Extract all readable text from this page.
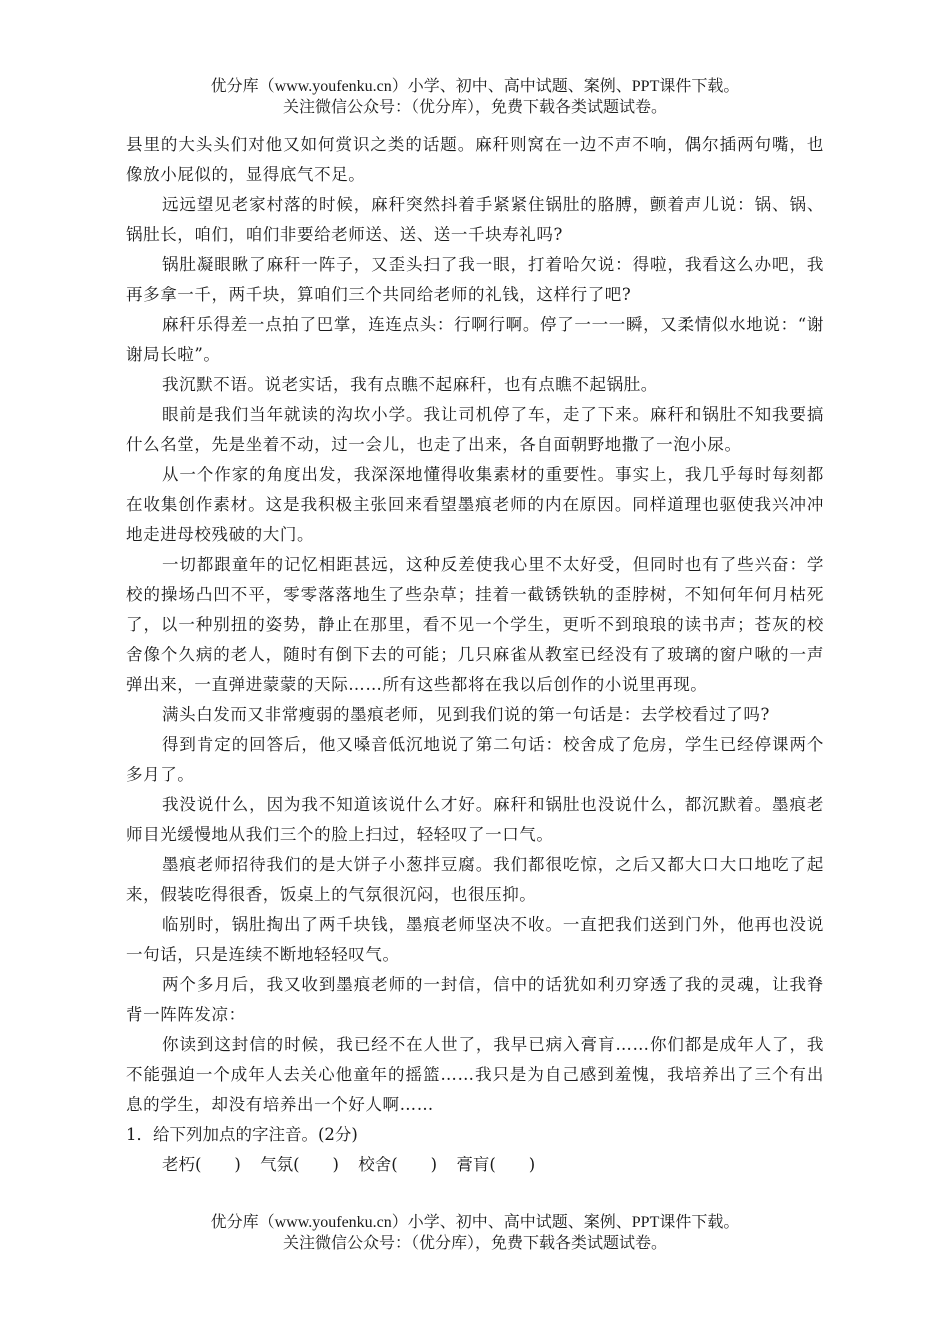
优分库（www.youfenku.cn）小学、初中、高中试题、案例、PPT课件下载。
关注微信公众号：（优分库），免费下载各类试题试卷。

县里的大头头们对他又如何赏识之类的话题。麻秆则窝在一边不声不响，偶尔插两句嘴，也像放小屁似的，显得底气不足。

远远望见老家村落的时候，麻秆突然抖着手紧紧住锅肚的胳膊，颤着声儿说：锅、锅、锅肚长，咱们，咱们非要给老师送、送、送一千块寿礼吗?

锅肚凝眼瞅了麻秆一阵子，又歪头扫了我一眼，打着哈欠说：得啦，我看这么办吧，我再多拿一千，两千块，算咱们三个共同给老师的礼钱，这样行了吧?

麻秆乐得差一点拍了巴掌，连连点头：行啊行啊。停了一一一瞬，又柔情似水地说：“谢谢局长啦”。

我沉默不语。说老实话，我有点瞧不起麻秆，也有点瞧不起锅肚。

眼前是我们当年就读的沟坎小学。我让司机停了车，走了下来。麻秆和锅肚不知我要搞什么名堂，先是坐着不动，过一会儿，也走了出来，各自面朝野地撒了一泡小尿。

从一个作家的角度出发，我深深地懂得收集素材的重要性。事实上，我几乎每时每刻都在收集创作素材。这是我积极主张回来看望墨痕老师的内在原因。同样道理也驱使我兴冲冲地走进母校残破的大门。

一切都跟童年的记忆相距甚远，这种反差使我心里不太好受，但同时也有了些兴奋：学校的操场凸凹不平，零零落落地生了些杂草；挂着一截锈铁轨的歪脖树，不知何年何月枯死了，以一种别扭的姿势，静止在那里，看不见一个学生，更听不到琅琅的读书声；苍灰的校舍像个久病的老人，随时有倒下去的可能；几只麻雀从教室已经没有了玻璃的窗户啾的一声弹出来，一直弹进蒙蒙的天际……所有这些都将在我以后创作的小说里再现。

满头白发而又非常瘦弱的墨痕老师，见到我们说的第一句话是：去学校看过了吗?

得到肯定的回答后，他又嗓音低沉地说了第二句话：校舍成了危房，学生已经停课两个多月了。

我没说什么，因为我不知道该说什么才好。麻秆和锅肚也没说什么，都沉默着。墨痕老师目光缓慢地从我们三个的脸上扫过，轻轻叹了一口气。

墨痕老师招待我们的是大饼子小葱拌豆腐。我们都很吃惊，之后又都大口大口地吃了起来，假装吃得很香，饭桌上的气氛很沉闷，也很压抑。

临别时，锅肚掏出了两千块钱，墨痕老师坚决不收。一直把我们送到门外，他再也没说一句话，只是连续不断地轻轻叹气。

两个多月后，我又收到墨痕老师的一封信，信中的话犹如利刃穿透了我的灵魂，让我脊背一阵阵发凉：

你读到这封信的时候，我已经不在人世了，我早已病入膏肓……你们都是成年人了，我不能强迫一个成年人去关心他童年的摇篮……我只是为自己感到羞愧，我培养出了三个有出息的学生，却没有培养出一个好人啊……

1．给下列加点的字注音。(2分)

老朽(　　) 气氛(　　) 校舍(　　) 膏肓(　　)

优分库（www.youfenku.cn）小学、初中、高中试题、案例、PPT课件下载。
关注微信公众号：（优分库），免费下载各类试题试卷。
